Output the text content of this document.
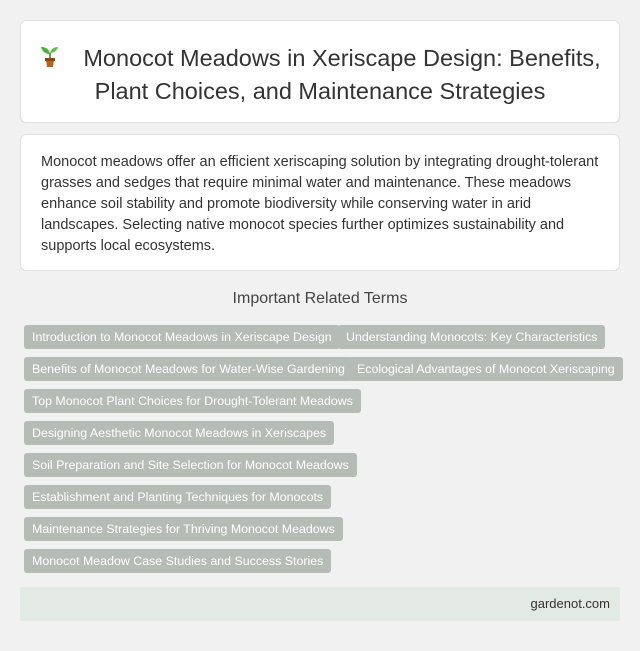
Monocot Meadows in Xeriscape Design: Benefits, Plant Choices, and Maintenance Strategies

Monocot meadows offer an efficient xeriscaping solution by integrating drought-tolerant grasses and sedges that require minimal water and maintenance. These meadows enhance soil stability and promote biodiversity while conserving water in arid landscapes. Selecting native monocot species further optimizes sustainability and supports local ecosystems.

Important Related Terms
Introduction to Monocot Meadows in Xeriscape Design	Understanding Monocots: Key Characteristics
Benefits of Monocot Meadows for Water-Wise Gardening Ecological Advantages of Monocot Xeriscaping
Top Monocot Plant Choices for Drought-Tolerant Meadows
Designing Aesthetic Monocot Meadows in Xeriscapes
Soil Preparation and Site Selection for Monocot Meadows
Establishment and Planting Techniques for Monocots
Maintenance Strategies for Thriving Monocot Meadows
Monocot Meadow Case Studies and Success Stories
gardenot.com
